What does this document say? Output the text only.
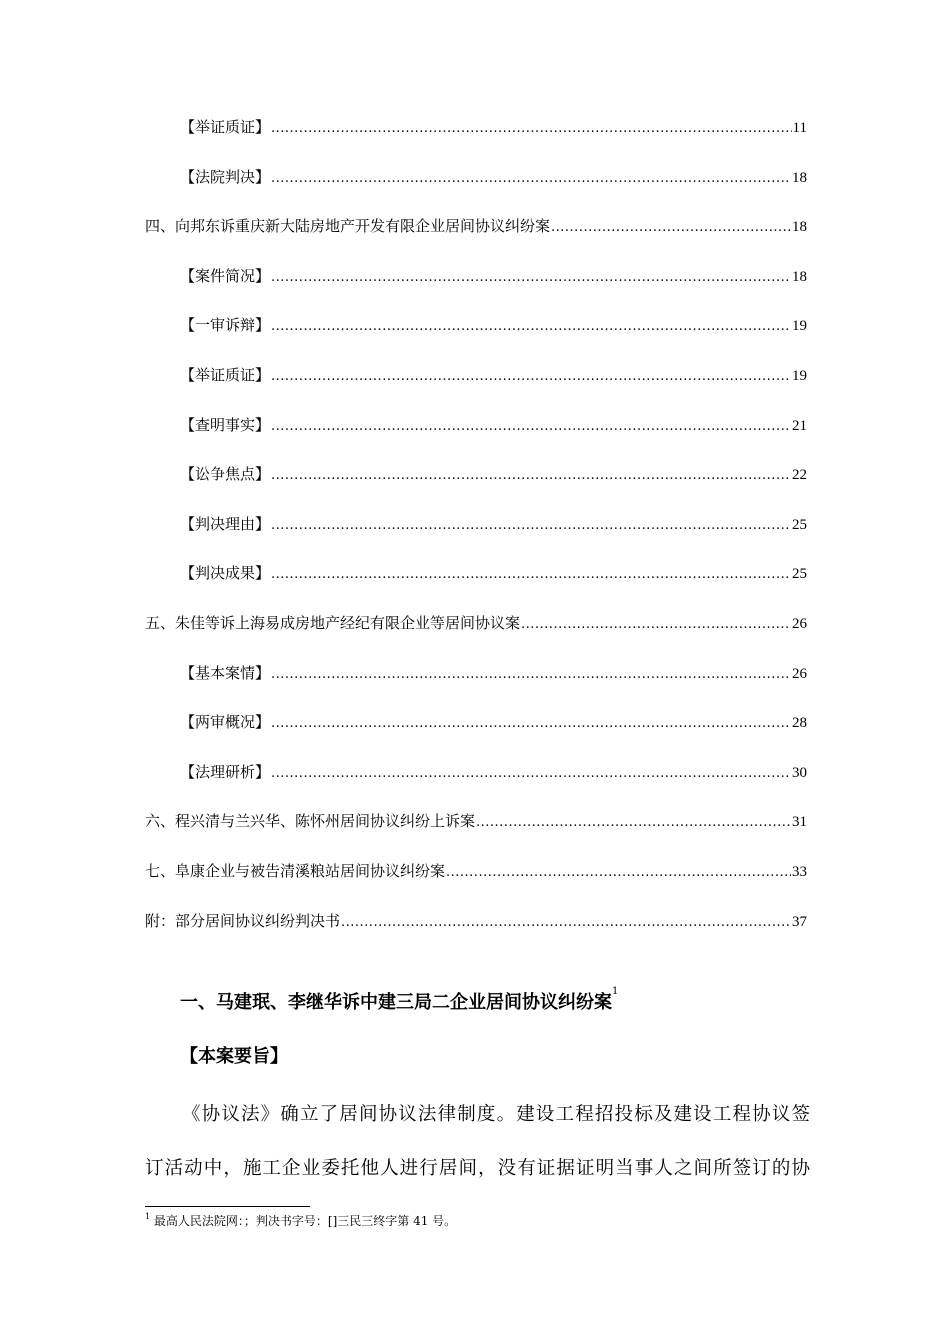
【举证质证】 .....	11
【法院判决】 .....	18
四、向邦东诉重庆新大陆房地产开发有限企业居间协议纠纷案 .....	18
【案件简况】 .....	18
【一审诉辩】 .....	19
【举证质证】 .....	19
【查明事实】 .....	21
【讼争焦点】 .....	22
【判决理由】 .....	25
【判决成果】 .....	25
五、朱佳等诉上海易成房地产经纪有限企业等居间协议案 .....	26
【基本案情】 .....	26
【两审概况】 .....	28
【法理研析】 .....	30
六、程兴清与兰兴华、陈怀州居间协议纠纷上诉案 .....	31
七、阜康企业与被告清溪粮站居间协议纠纷案 .....	33
附：部分居间协议纠纷判决书 .....	37
一、马建珉、李继华诉中建三局二企业居间协议纠纷案$^1$
【本案要旨】
《协议法》确立了居间协议法律制度。建设工程招投标及建设工程协议签
订活动中，施工企业委托他人进行居间，没有证据证明当事人之间所签订的协
$^1$ 最高人民法院网：；判决书字号：[]三民三终字第 41 号。
